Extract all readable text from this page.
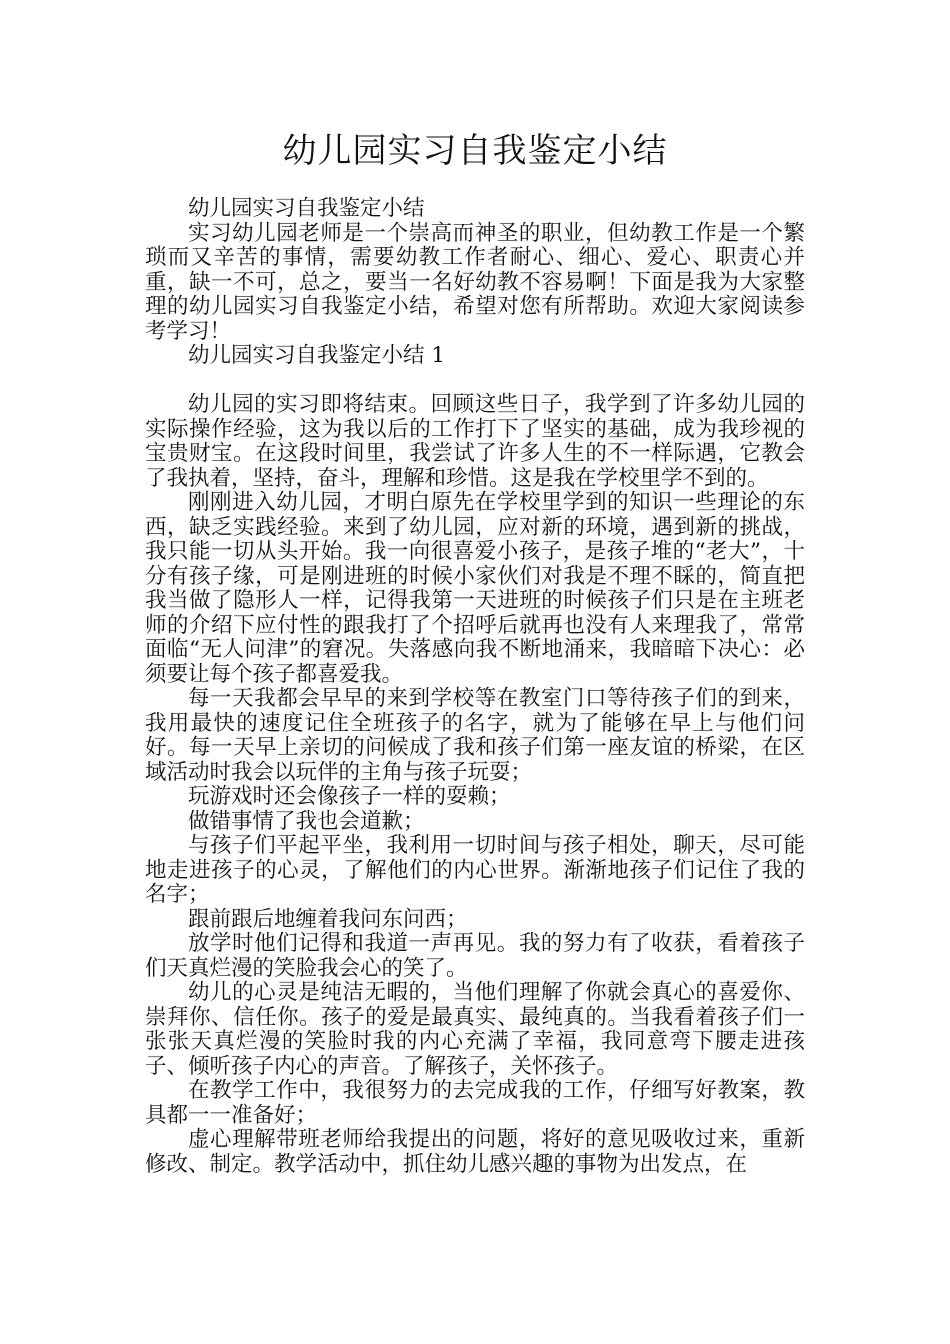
幼儿园实习自我鉴定小结

幼儿园实习自我鉴定小结

实习幼儿园老师是一个崇高而神圣的职业，但幼教工作是一个繁琐而又辛苦的事情，需要幼教工作者耐心、细心、爱心、职责心并重，缺一不可，总之，要当一名好幼教不容易啊！下面是我为大家整理的幼儿园实习自我鉴定小结，希望对您有所帮助。欢迎大家阅读参考学习！

幼儿园实习自我鉴定小结 1

幼儿园的实习即将结束。回顾这些日子，我学到了许多幼儿园的实际操作经验，这为我以后的工作打下了坚实的基础，成为我珍视的宝贵财宝。在这段时间里，我尝试了许多人生的不一样际遇，它教会了我执着，坚持，奋斗，理解和珍惜。这是我在学校里学不到的。

刚刚进入幼儿园，才明白原先在学校里学到的知识一些理论的东西，缺乏实践经验。来到了幼儿园，应对新的环境，遇到新的挑战，我只能一切从头开始。我一向很喜爱小孩子，是孩子堆的“老大”，十分有孩子缘，可是刚进班的时候小家伙们对我是不理不睬的，简直把我当做了隐形人一样，记得我第一天进班的时候孩子们只是在主班老师的介绍下应付性的跟我打了个招呼后就再也没有人来理我了，常常面临“无人问津”的窘况。失落感向我不断地涌来，我暗暗下决心：必须要让每个孩子都喜爱我。

每一天我都会早早的来到学校等在教室门口等待孩子们的到来，我用最快的速度记住全班孩子的名字，就为了能够在早上与他们问好。每一天早上亲切的问候成了我和孩子们第一座友谊的桥梁，在区域活动时我会以玩伴的主角与孩子玩耍；

玩游戏时还会像孩子一样的耍赖；

做错事情了我也会道歉；

与孩子们平起平坐，我利用一切时间与孩子相处，聊天，尽可能地走进孩子的心灵，了解他们的内心世界。渐渐地孩子们记住了我的名字；

跟前跟后地缠着我问东问西；

放学时他们记得和我道一声再见。我的努力有了收获，看着孩子们天真烂漫的笑脸我会心的笑了。

幼儿的心灵是纯洁无暇的，当他们理解了你就会真心的喜爱你、崇拜你、信任你。孩子的爱是最真实、最纯真的。当我看着孩子们一张张天真烂漫的笑脸时我的内心充满了幸福，我同意弯下腰走进孩子、倾听孩子内心的声音。了解孩子，关怀孩子。

在教学工作中，我很努力的去完成我的工作，仔细写好教案，教具都一一准备好；

虚心理解带班老师给我提出的问题，将好的意见吸收过来，重新修改、制定。教学活动中，抓住幼儿感兴趣的事物为出发点，在
